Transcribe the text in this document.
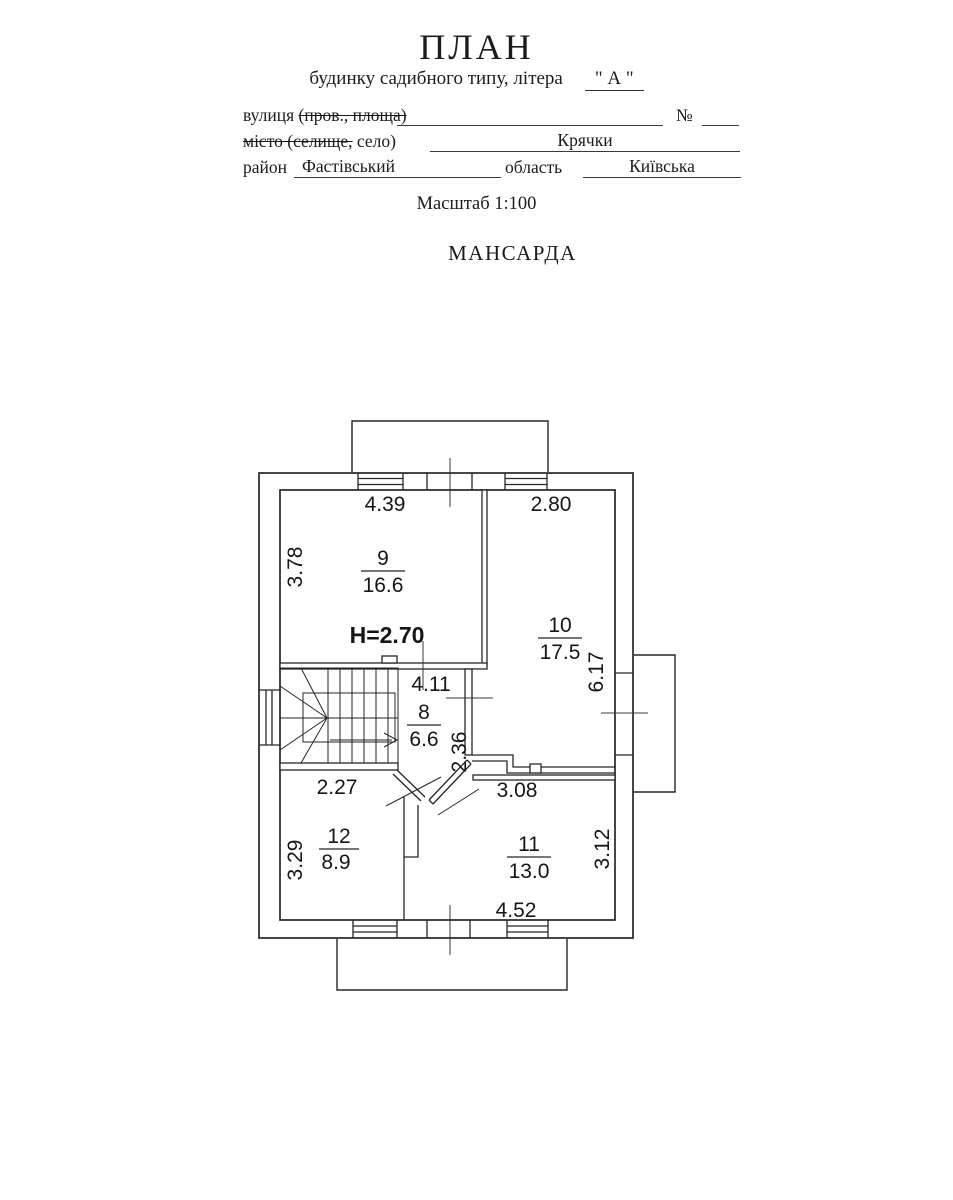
ПЛАН
будинку садибного типу, літера " А "
вулиця (пров., площа)	№
місто (селище, село)	Крячки
район Фастівський	область	Київська
Масштаб 1:100
МАНСАРДА
4.39	2.80
3.78
6.17
4.11
2.36
2.27	3.08
3.29	3.12
4.52
9
16.6
10
17.5
8
6.6
12
8.9
11
13.0
H=2.70
